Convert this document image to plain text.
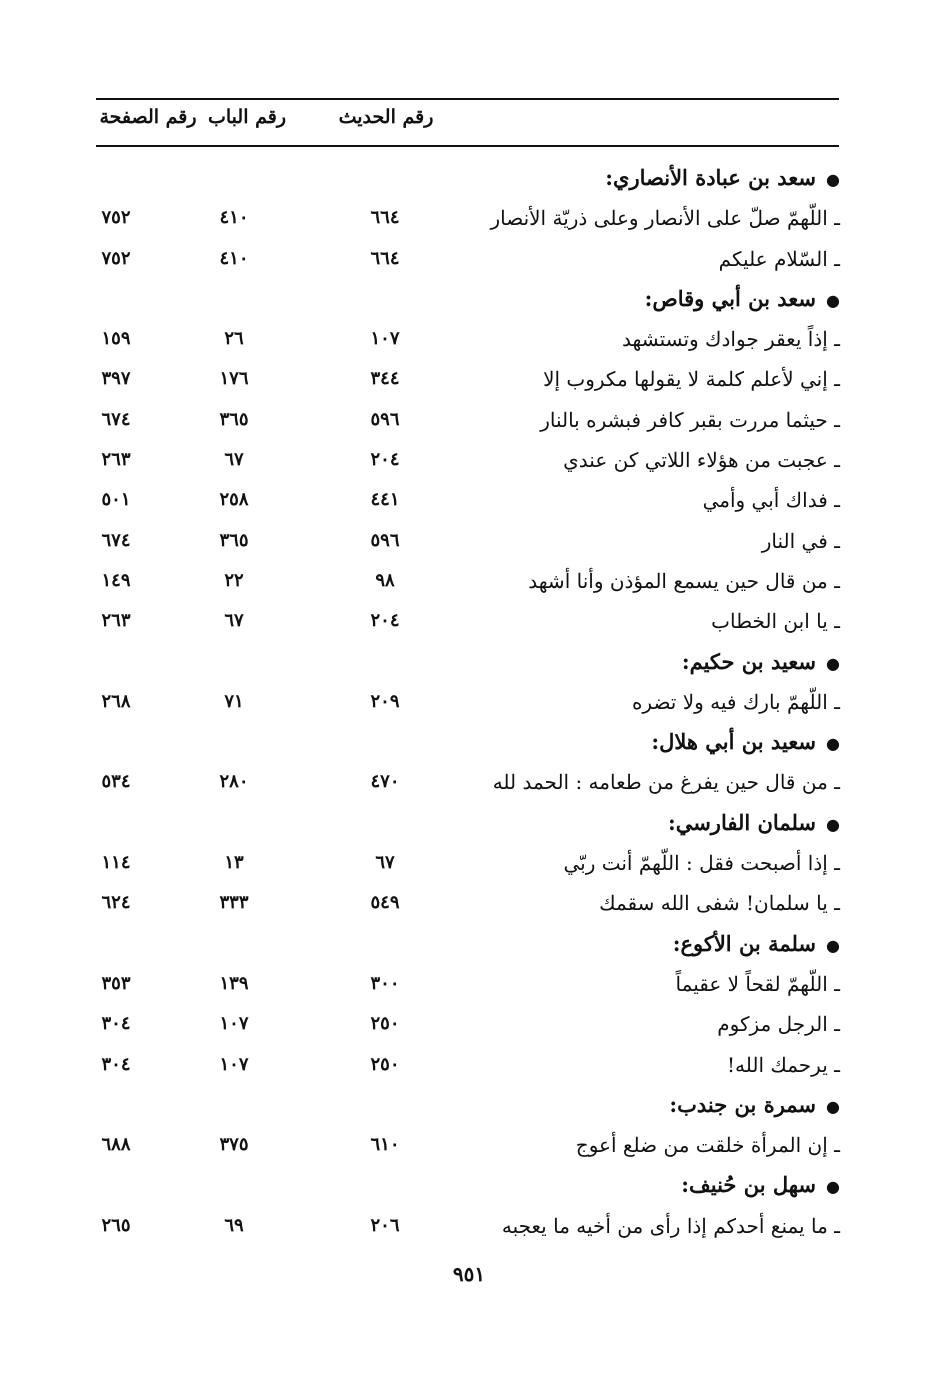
رقم الحديث
رقم الباب
رقم الصفحة
●سعد بن عبادة الأنصاري:
ـ اللّهمّ صلّ على الأنصار وعلى ذريّة الأنصار
٦٦٤
٤١٠
٧٥٢
ـ السّلام عليكم
٦٦٤
٤١٠
٧٥٢
●سعد بن أبي وقاص:
ـ إذاً يعقر جوادك وتستشهد
١٠٧
٢٦
١٥٩
ـ إني لأعلم كلمة لا يقولها مكروب إلا
٣٤٤
١٧٦
٣٩٧
ـ حيثما مررت بقبر كافر فبشره بالنار
٥٩٦
٣٦٥
٦٧٤
ـ عجبت من هؤلاء اللاتي كن عندي
٢٠٤
٦٧
٢٦٣
ـ فداك أبي وأمي
٤٤١
٢٥٨
٥٠١
ـ في النار
٥٩٦
٣٦٥
٦٧٤
ـ من قال حين يسمع المؤذن وأنا أشهد
٩٨
٢٢
١٤٩
ـ يا ابن الخطاب
٢٠٤
٦٧
٢٦٣
●سعيد بن حكيم:
ـ اللّهمّ بارك فيه ولا تضره
٢٠٩
٧١
٢٦٨
●سعيد بن أبي هلال:
ـ من قال حين يفرغ من طعامه : الحمد لله
٤٧٠
٢٨٠
٥٣٤
●سلمان الفارسي:
ـ إذا أصبحت فقل : اللّهمّ أنت ربّي
٦٧
١٣
١١٤
ـ يا سلمان! شفى الله سقمك
٥٤٩
٣٣٣
٦٢٤
●سلمة بن الأكوع:
ـ اللّهمّ لقحاً لا عقيماً
٣٠٠
١٣٩
٣٥٣
ـ الرجل مزكوم
٢٥٠
١٠٧
٣٠٤
ـ يرحمك الله!
٢٥٠
١٠٧
٣٠٤
●سمرة بن جندب:
ـ إن المرأة خلقت من ضلع أعوج
٦١٠
٣٧٥
٦٨٨
●سهل بن حُنيف:
ـ ما يمنع أحدكم إذا رأى من أخيه ما يعجبه
٢٠٦
٦٩
٢٦٥
٩٥١
